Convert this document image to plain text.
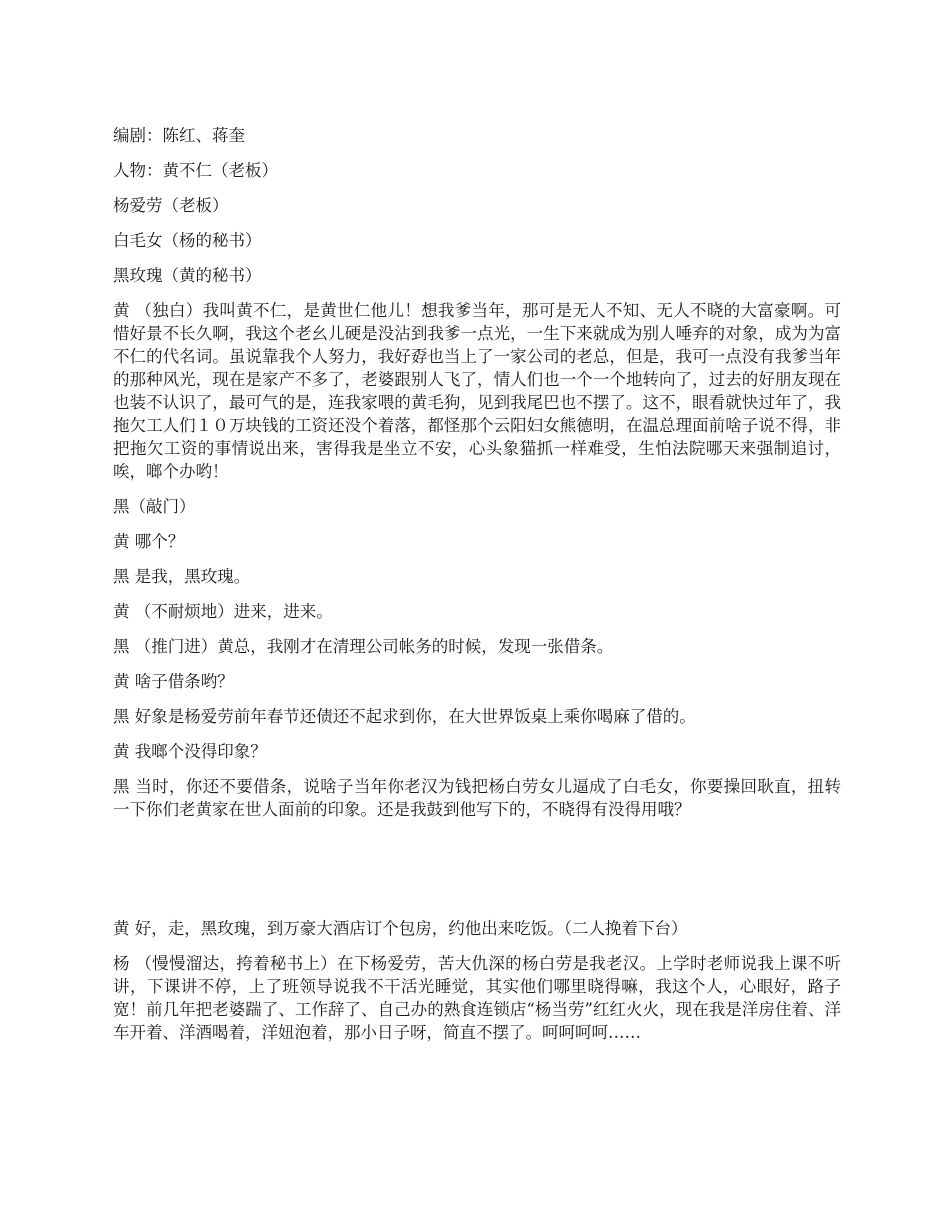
编剧：陈红、蒋奎

人物：黄不仁（老板）

杨爱劳（老板）

白毛女（杨的秘书）

黑玫瑰（黄的秘书）

黄 （独白）我叫黄不仁，是黄世仁他儿！想我爹当年，那可是无人不知、无人不晓的大富豪啊。可惜好景不长久啊，我这个老幺儿硬是没沾到我爹一点光，一生下来就成为别人唾弃的对象，成为为富不仁的代名词。虽说靠我个人努力，我好孬也当上了一家公司的老总，但是，我可一点没有我爹当年的那种风光，现在是家产不多了，老婆跟别人飞了，情人们也一个一个地转向了，过去的好朋友现在也装不认识了，最可气的是，连我家喂的黄毛狗，见到我尾巴也不摆了。这不，眼看就快过年了，我拖欠工人们１０万块钱的工资还没个着落，都怪那个云阳妇女熊德明，在温总理面前啥子说不得，非把拖欠工资的事情说出来，害得我是坐立不安，心头象猫抓一样难受，生怕法院哪天来强制追讨，唉，啷个办哟！

黑（敲门）

黄 哪个？

黑 是我，黑玫瑰。

黄 （不耐烦地）进来，进来。

黑 （推门进）黄总，我刚才在清理公司帐务的时候，发现一张借条。

黄 啥子借条哟？

黑 好象是杨爱劳前年春节还债还不起求到你，在大世界饭桌上乘你喝麻了借的。

黄 我啷个没得印象？

黑 当时，你还不要借条，说啥子当年你老汉为钱把杨白劳女儿逼成了白毛女，你要操回耿直，扭转一下你们老黄家在世人面前的印象。还是我鼓到他写下的，不晓得有没得用哦？

黄 好，走，黑玫瑰，到万豪大酒店订个包房，约他出来吃饭。（二人挽着下台）

杨 （慢慢溜达，挎着秘书上）在下杨爱劳，苦大仇深的杨白劳是我老汉。上学时老师说我上课不听讲，下课讲不停，上了班领导说我不干活光睡觉，其实他们哪里晓得嘛，我这个人，心眼好，路子宽！前几年把老婆踹了、工作辞了、自己办的熟食连锁店“杨当劳”红红火火，现在我是洋房住着、洋车开着、洋酒喝着，洋妞泡着，那小日子呀，简直不摆了。呵呵呵呵……
